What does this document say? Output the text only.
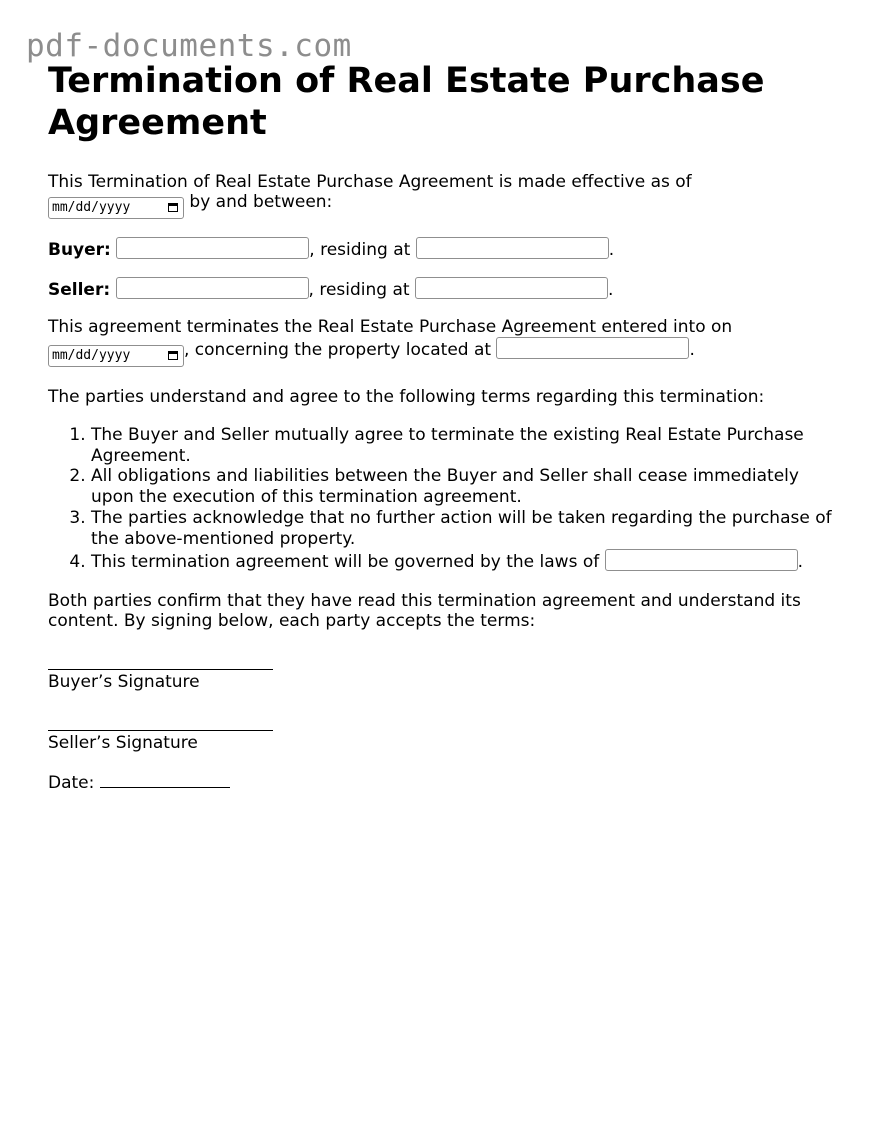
pdf-documents.com
Termination of Real Estate Purchase Agreement

This Termination of Real Estate Purchase Agreement is made effective as of
mm/dd/yyyy	by and between:

Buyer:	, residing at	.

Seller:	, residing at	.

This agreement terminates the Real Estate Purchase Agreement entered into on
mm/dd/yyyy	, concerning the property located at	.

The parties understand and agree to the following terms regarding this termination:

1. The Buyer and Seller mutually agree to terminate the existing Real Estate Purchase Agreement.
2. All obligations and liabilities between the Buyer and Seller shall cease immediately upon the execution of this termination agreement.
3. The parties acknowledge that no further action will be taken regarding the purchase of the above-mentioned property.
4. This termination agreement will be governed by the laws of	.

Both parties confirm that they have read this termination agreement and understand its content. By signing below, each party accepts the terms:

Buyer’s Signature

Seller’s Signature

Date:
